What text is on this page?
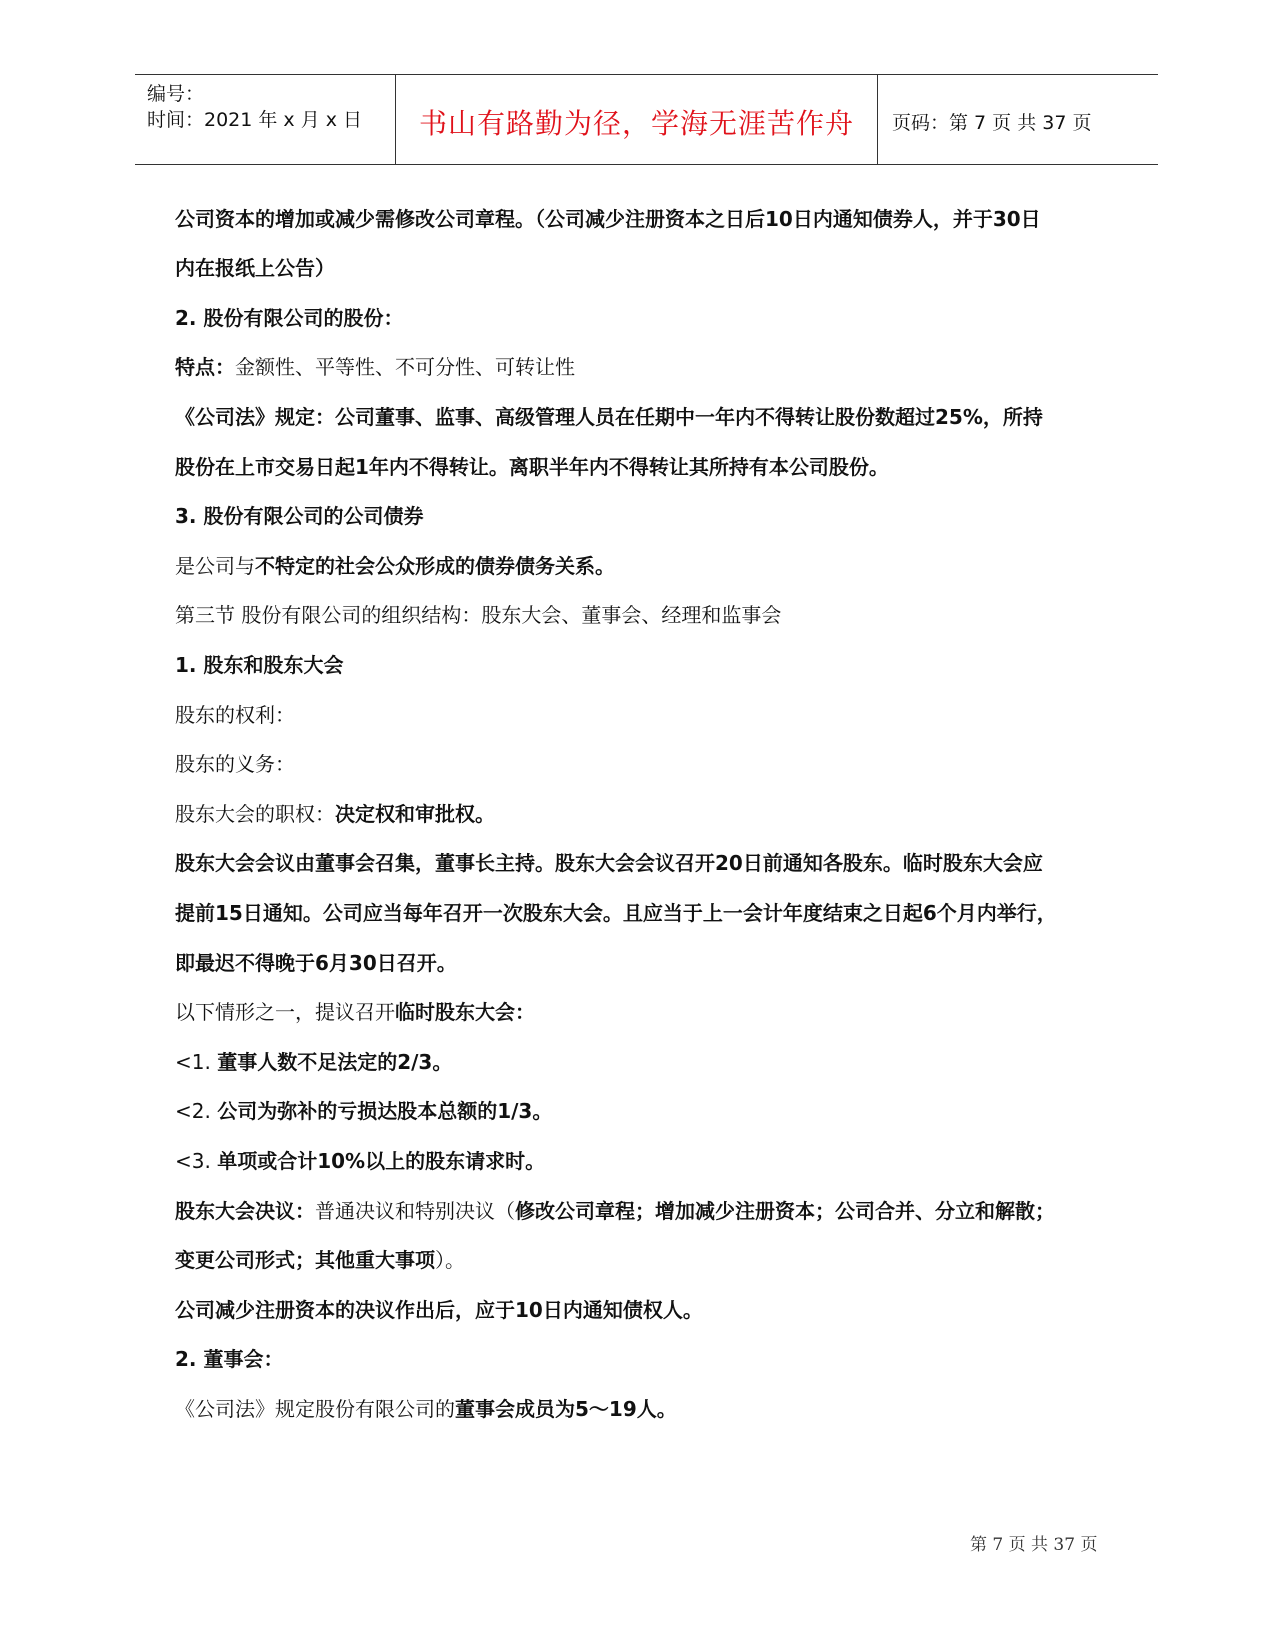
编号：
时间：2021 年 x 月 x 日	书山有路勤为径，学海无涯苦作舟	页码：第 7 页 共 37 页
公司资本的增加或减少需修改公司章程。（公司减少注册资本之日后10日内通知债券人，并于30日
内在报纸上公告）
2. 股份有限公司的股份：
特点：金额性、平等性、不可分性、可转让性
《公司法》规定：公司董事、监事、高级管理人员在任期中一年内不得转让股份数超过25%，所持
股份在上市交易日起1年内不得转让。离职半年内不得转让其所持有本公司股份。
3. 股份有限公司的公司债券
是公司与不特定的社会公众形成的债券债务关系。
第三节 股份有限公司的组织结构：股东大会、董事会、经理和监事会
1. 股东和股东大会
股东的权利：
股东的义务：
股东大会的职权：决定权和审批权。
股东大会会议由董事会召集，董事长主持。股东大会会议召开20日前通知各股东。临时股东大会应
提前15日通知。公司应当每年召开一次股东大会。且应当于上一会计年度结束之日起6个月内举行，
即最迟不得晚于6月30日召开。
以下情形之一，提议召开临时股东大会：
<1. 董事人数不足法定的2/3。
<2. 公司为弥补的亏损达股本总额的1/3。
<3. 单项或合计10%以上的股东请求时。
股东大会决议：普通决议和特别决议（修改公司章程；增加减少注册资本；公司合并、分立和解散；
变更公司形式；其他重大事项）。
公司减少注册资本的决议作出后，应于10日内通知债权人。
2. 董事会：
《公司法》规定股份有限公司的董事会成员为5～19人。
第 7 页 共 37 页
